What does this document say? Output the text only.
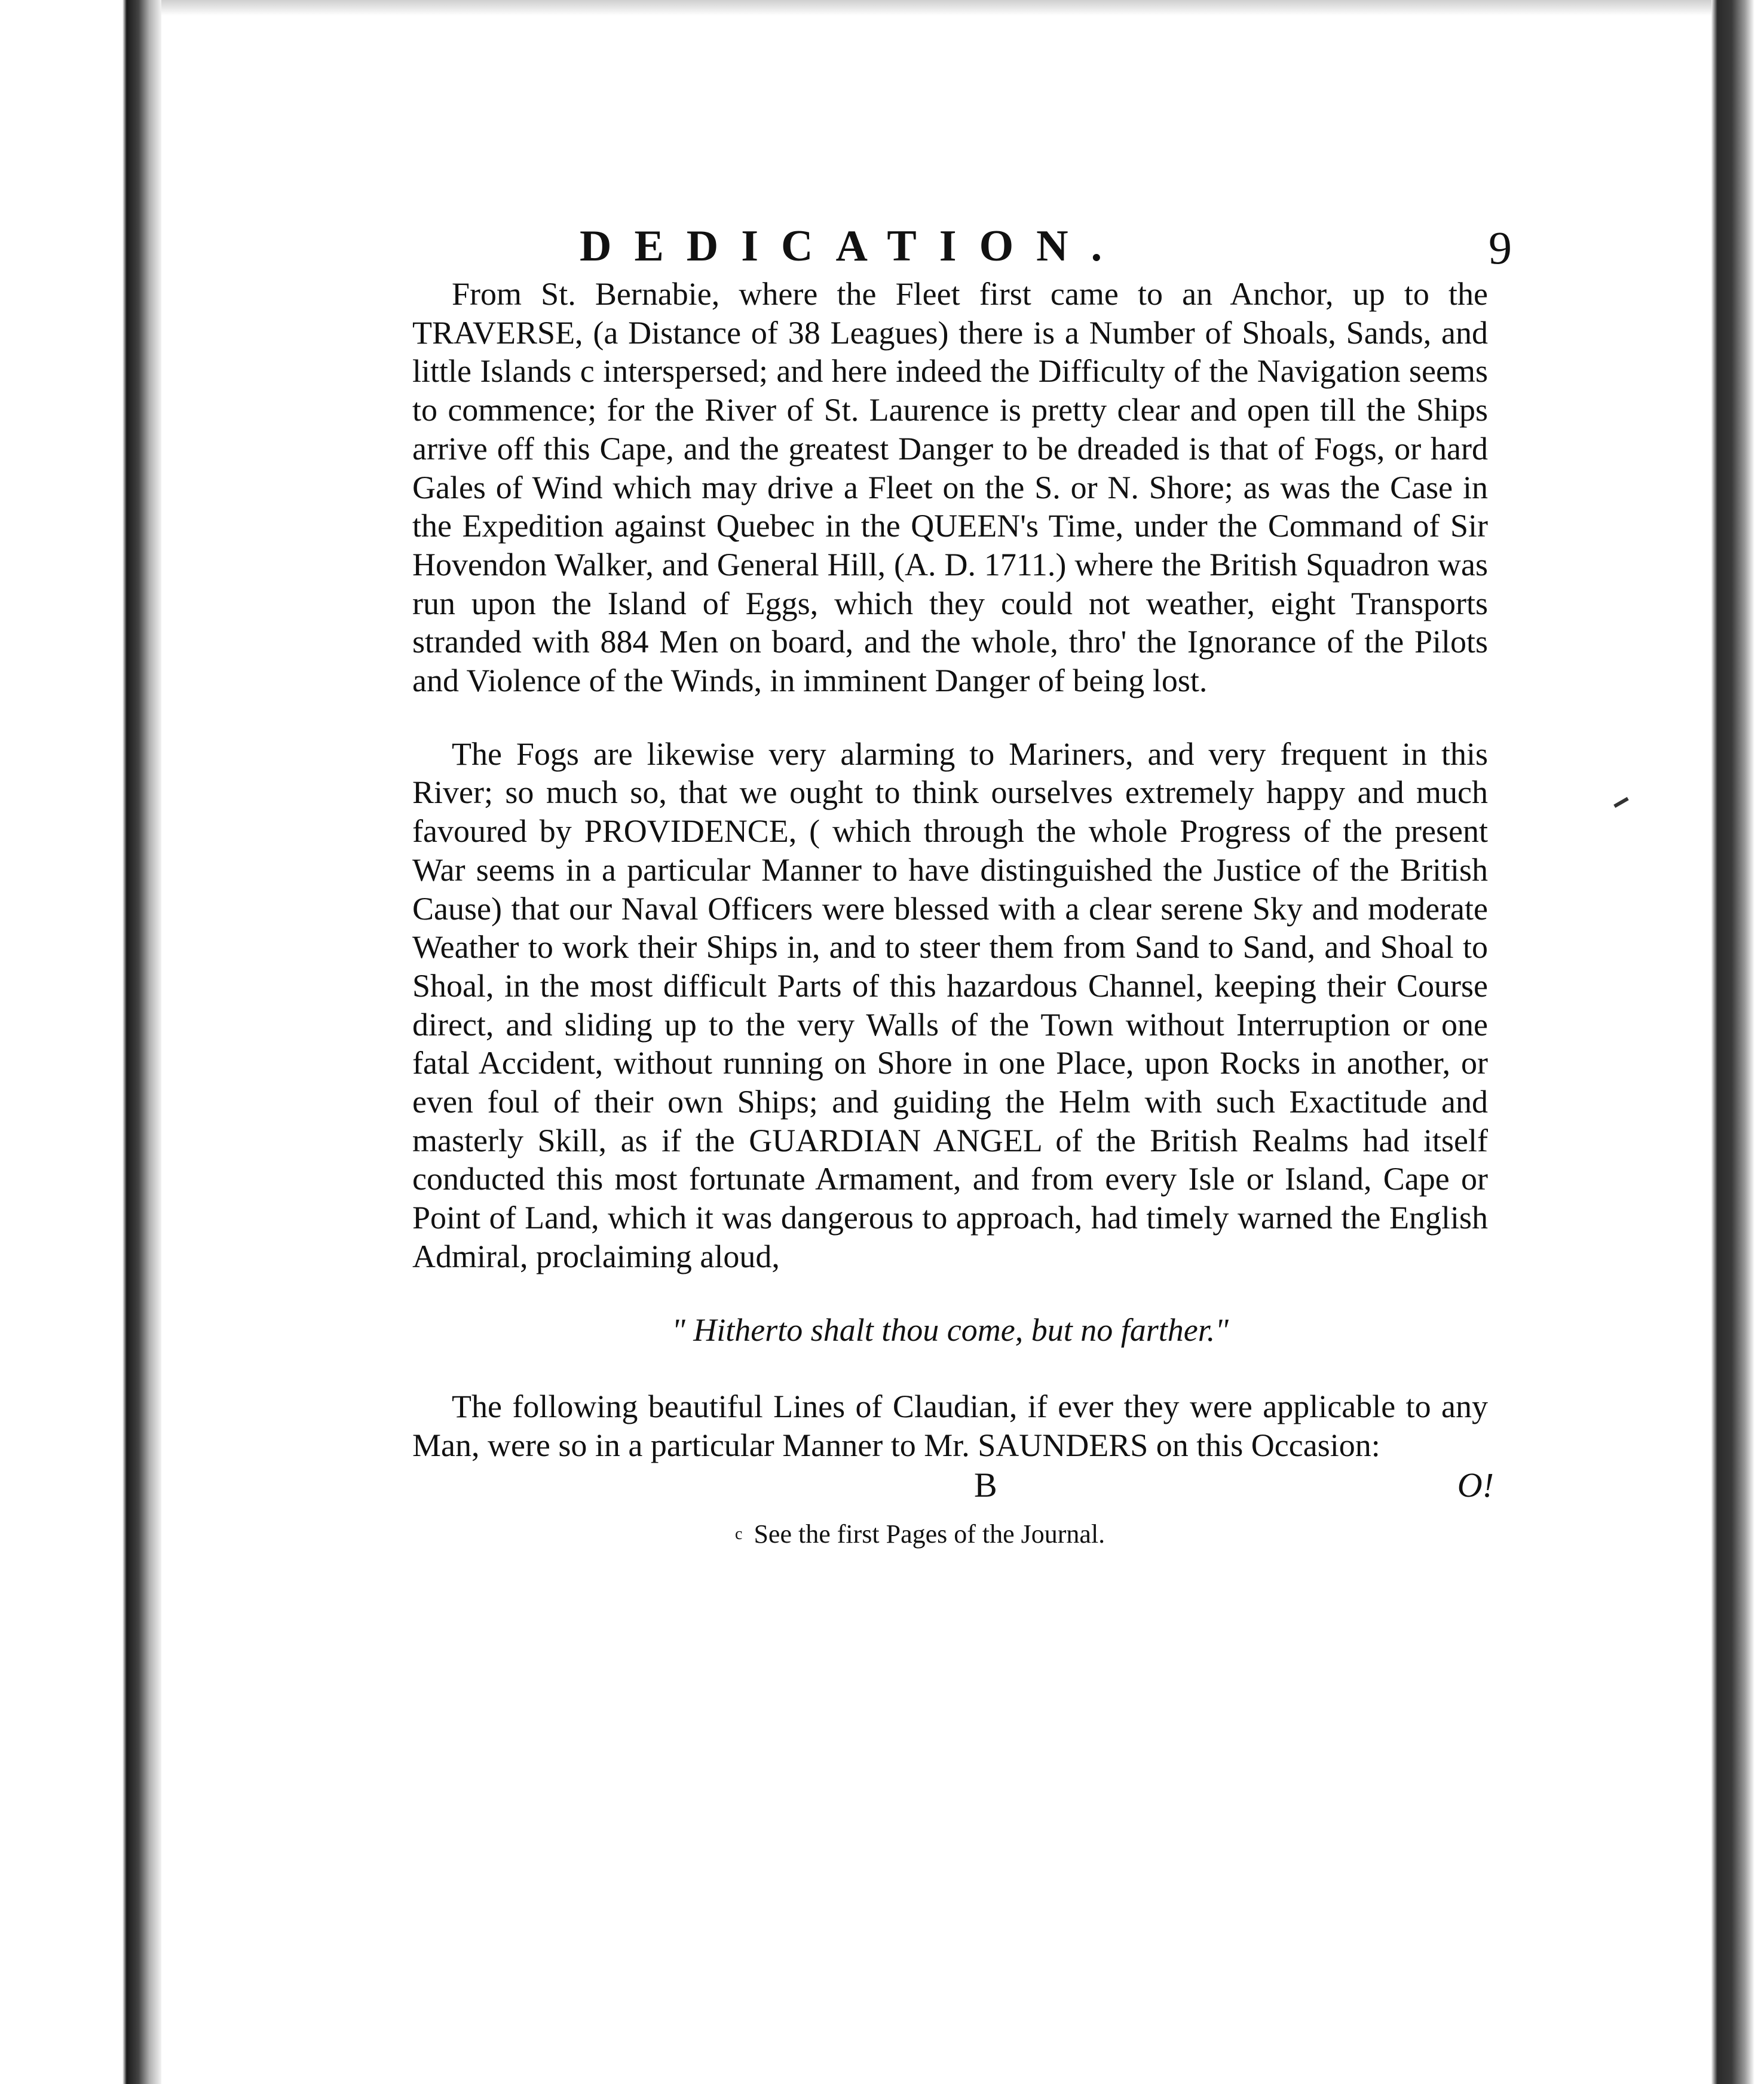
DEDICATION.	9

From St. Bernabie, where the Fleet first came to an Anchor, up to the TRAVERSE, (a Distance of 38 Leagues) there is a Number of Shoals, Sands, and little Islands c interspersed; and here indeed the Difficulty of the Navigation seems to commence; for the River of St. Laurence is pretty clear and open till the Ships arrive off this Cape, and the greatest Danger to be dreaded is that of Fogs, or hard Gales of Wind which may drive a Fleet on the S. or N. Shore; as was the Case in the Expedition against Quebec in the QUEEN's Time, under the Command of Sir Hovendon Walker, and General Hill, (A. D. 1711.) where the British Squadron was run upon the Island of Eggs, which they could not weather, eight Transports stranded with 884 Men on board, and the whole, thro' the Ignorance of the Pilots and Violence of the Winds, in imminent Danger of being lost.

The Fogs are likewise very alarming to Mariners, and very frequent in this River; so much so, that we ought to think ourselves extremely happy and much favoured by PROVIDENCE, ( which through the whole Progress of the present War seems in a particular Manner to have distinguished the Justice of the British Cause) that our Naval Officers were blessed with a clear serene Sky and moderate Weather to work their Ships in, and to steer them from Sand to Sand, and Shoal to Shoal, in the most difficult Parts of this hazardous Channel, keeping their Course direct, and sliding up to the very Walls of the Town without Interruption or one fatal Accident, without running on Shore in one Place, upon Rocks in another, or even foul of their own Ships; and guiding the Helm with such Exactitude and masterly Skill, as if the GUARDIAN ANGEL of the British Realms had itself conducted this most fortunate Armament, and from every Isle or Island, Cape or Point of Land, which it was dangerous to approach, had timely warned the English Admiral, proclaiming aloud,

" Hitherto shalt thou come, but no farther."

The following beautiful Lines of Claudian, if ever they were applicable to any Man, were so in a particular Manner to Mr. SAUNDERS on this Occasion:

B	O!
$^c$ See the first Pages of the Journal.
